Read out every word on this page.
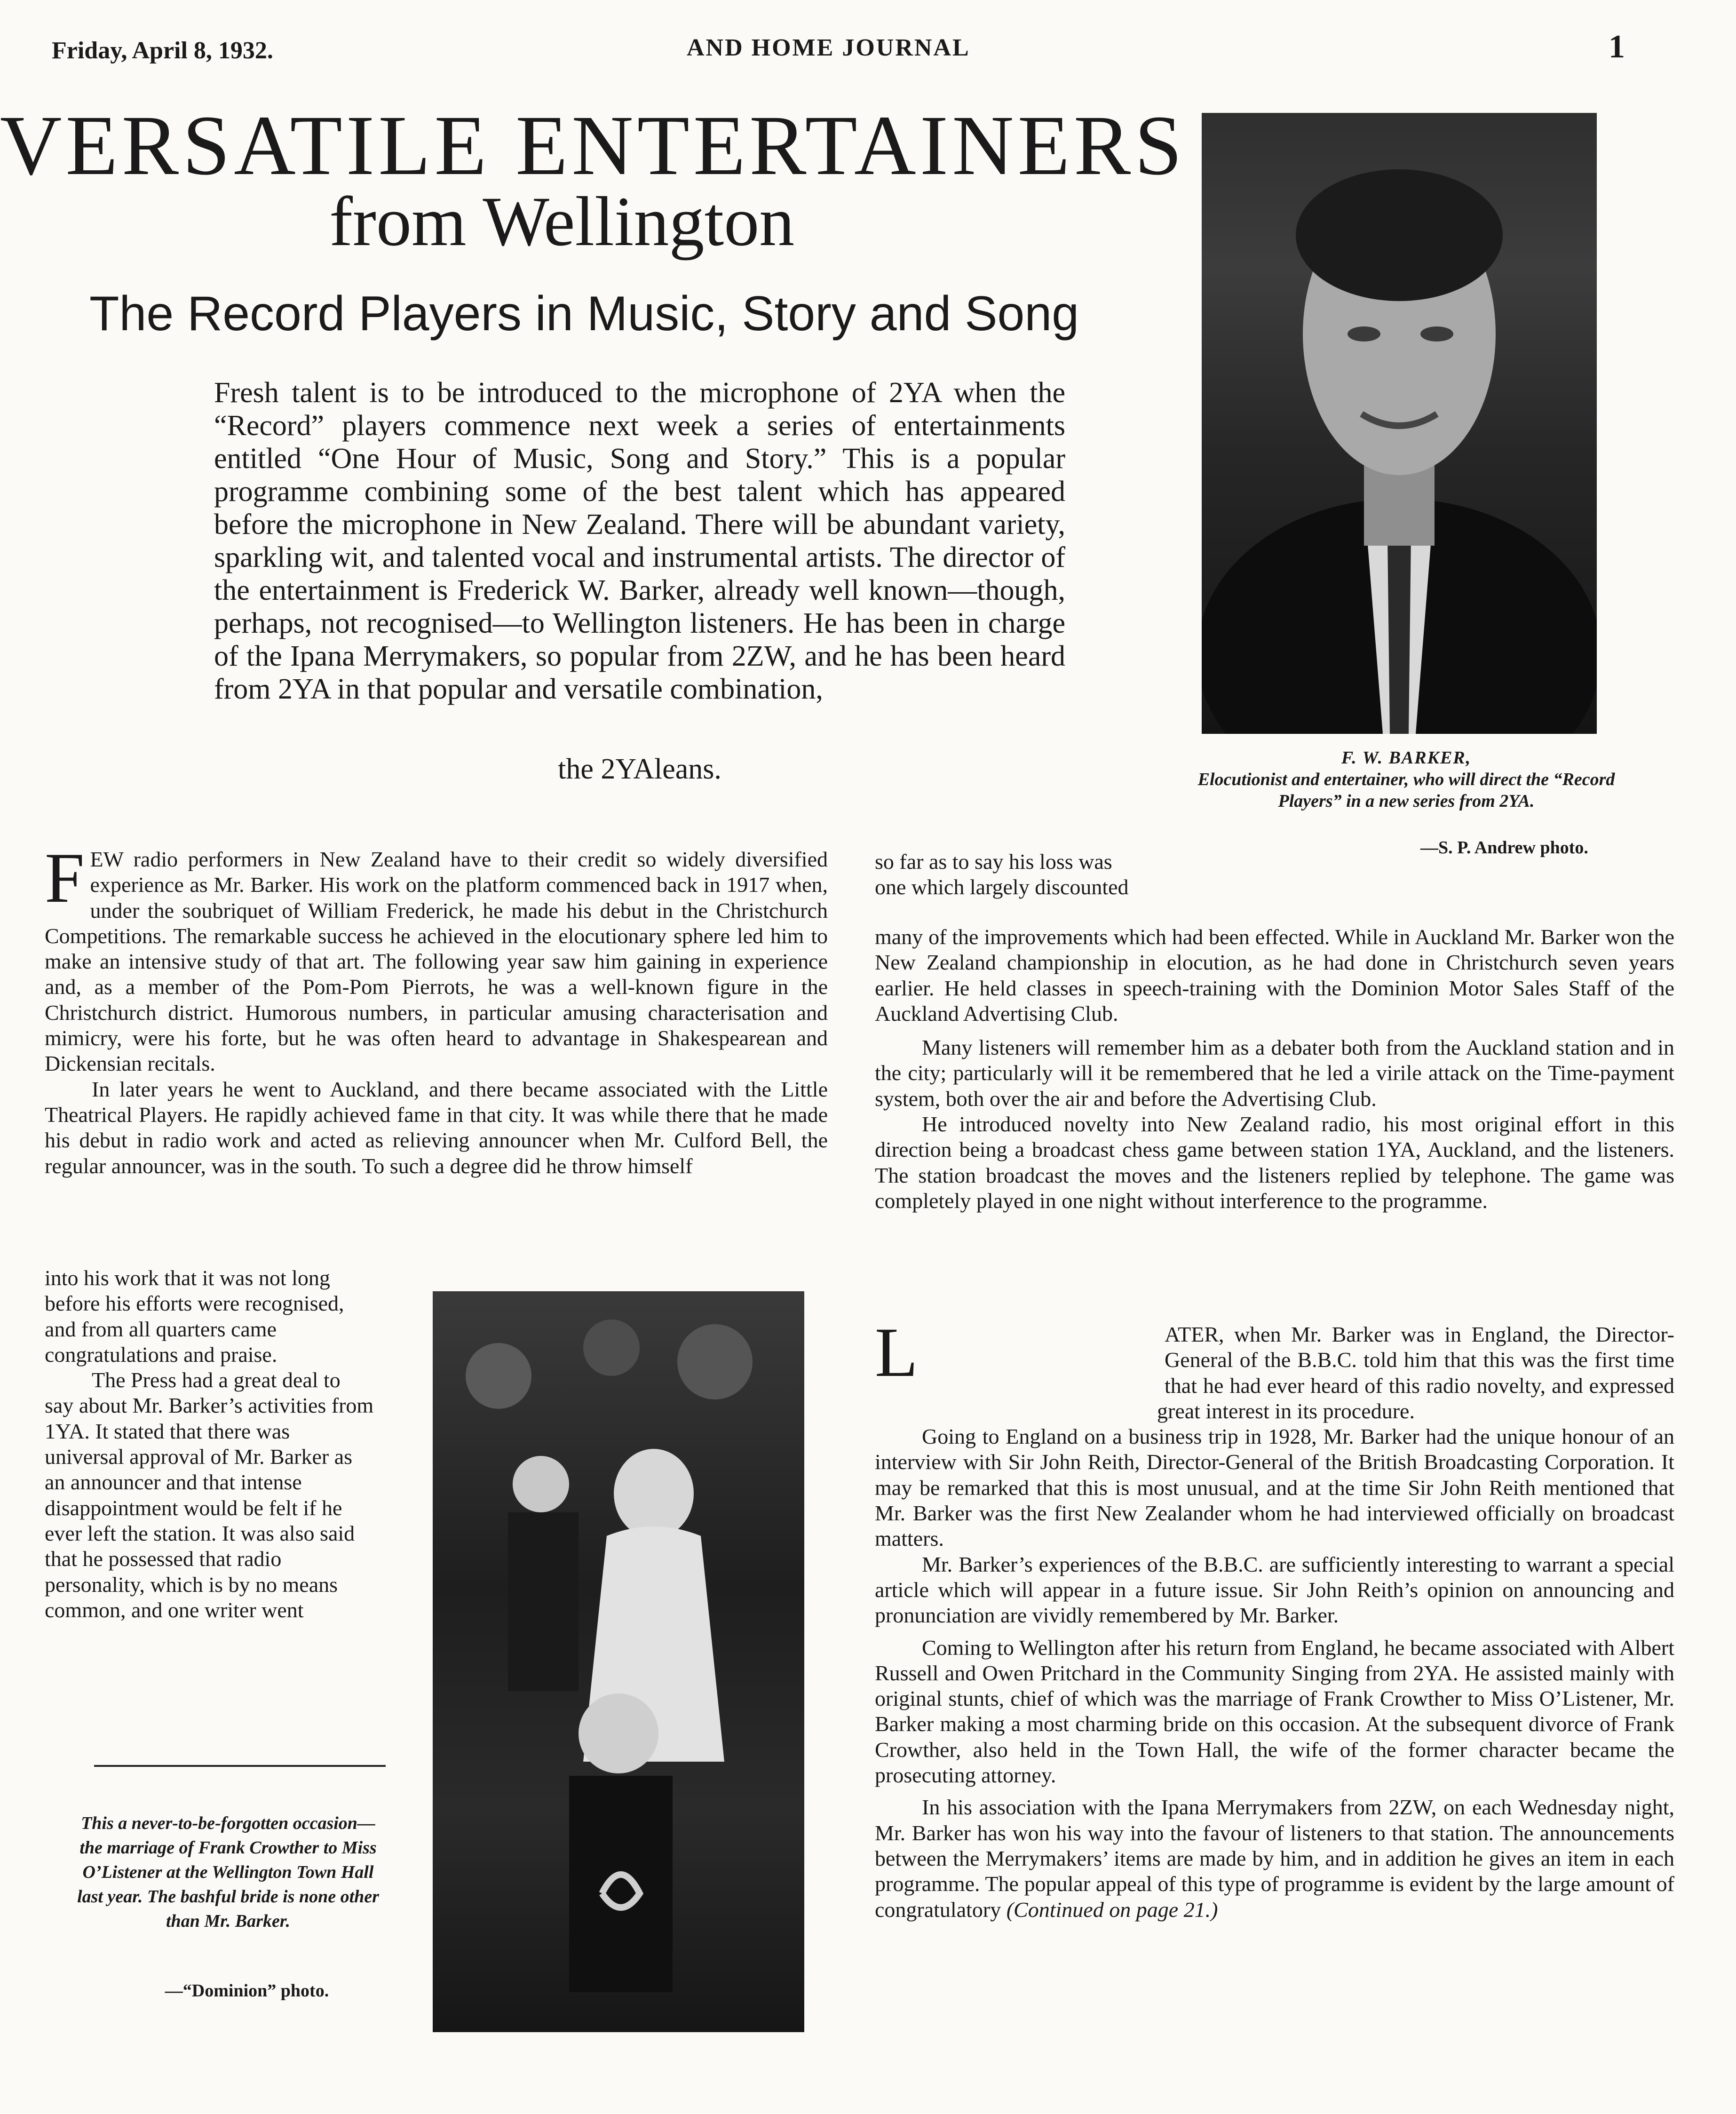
Friday, April 8, 1932.	AND HOME JOURNAL	1
VERSATILE ENTERTAINERS
from Wellington
The Record Players in Music, Story and Song
Fresh talent is to be introduced to the microphone of 2YA when the “Record” players commence next week a series of entertainments entitled “One Hour of Music, Song and Story.” This is a popular programme combining some of the best talent which has appeared before the microphone in New Zealand. There will be abundant variety, sparkling wit, and talented vocal and instrumental artists. The director of the entertainment is Frederick W. Barker, already well known—though, perhaps, not recognised—to Wellington listeners. He has been in charge of the Ipana Merrymakers, so popular from 2ZW, and he has been heard from 2YA in that popular and versatile combination,
the 2YAleans.	F. W. BARKER,
Elocutionist and entertainer, who will direct the “Record Players” in a new series from 2YA.
—S. P. Andrew photo.

FEW radio performers in New Zealand have to their credit so widely diversified experience as Mr. Barker. His work on the platform commenced back in 1917 when, under the soubriquet of William Frederick, he made his debut in the Christchurch Competitions. The remarkable success he achieved in the elocutionary sphere led him to make an intensive study of that art. The following year saw him gaining in experience and, as a member of the Pom-Pom Pierrots, he was a well-known figure in the Christchurch district. Humorous numbers, in particular amusing characterisation and mimicry, were his forte, but he was often heard to advantage in Shakespearean and Dickensian recitals.

In later years he went to Auckland, and there became associated with the Little Theatrical Players. He rapidly achieved fame in that city. It was while there that he made his debut in radio work and acted as relieving announcer when Mr. Culford Bell, the regular announcer, was in the south. To such a degree did he throw himself

into his work that it was not long before his efforts were recognised, and from all quarters came congratulations and praise.

The Press had a great deal to say about Mr. Barker’s activities from 1YA. It stated that there was universal approval of Mr. Barker as an announcer and that intense disappointment would be felt if he ever left the station. It was also said that he possessed that radio personality, which is by no means common, and one writer went

This a never-to-be-forgotten occasion—the marriage of Frank Crowther to Miss O’Listener at the Wellington Town Hall last year. The bashful bride is none other than Mr. Barker.
—“Dominion” photo.
so far as to say his loss was one which largely discounted

many of the improvements which had been effected. While in Auckland Mr. Barker won the New Zealand championship in elocution, as he had done in Christchurch seven years earlier. He held classes in speech-training with the Dominion Motor Sales Staff of the Auckland Advertising Club.

Many listeners will remember him as a debater both from the Auckland station and in the city; particularly will it be remembered that he led a virile attack on the Time-payment system, both over the air and before the Advertising Club.

He introduced novelty into New Zealand radio, his most original effort in this direction being a broadcast chess game between station 1YA, Auckland, and the listeners. The station broadcast the moves and the listeners replied by telephone. The game was completely played in one night without interference to the programme.

L	ATER, when Mr. Barker was in England, the Director-General of the B.B.C. told him that this was the first time that he had ever heard of this radio novelty, and expressed great interest in its procedure.

Going to England on a business trip in 1928, Mr. Barker had the unique honour of an interview with Sir John Reith, Director-General of the British Broadcasting Corporation. It may be remarked that this is most unusual, and at the time Sir John Reith mentioned that Mr. Barker was the first New Zealander whom he had interviewed officially on broadcast matters.

Mr. Barker’s experiences of the B.B.C. are sufficiently interesting to warrant a special article which will appear in a future issue. Sir John Reith’s opinion on announcing and pronunciation are vividly remembered by Mr. Barker.

Coming to Wellington after his return from England, he became associated with Albert Russell and Owen Pritchard in the Community Singing from 2YA. He assisted mainly with original stunts, chief of which was the marriage of Frank Crowther to Miss O’Listener, Mr. Barker making a most charming bride on this occasion. At the subsequent divorce of Frank Crowther, also held in the Town Hall, the wife of the former character became the prosecuting attorney.

In his association with the Ipana Merrymakers from 2ZW, on each Wednesday night, Mr. Barker has won his way into the favour of listeners to that station. The announcements between the Merrymakers’ items are made by him, and in addition he gives an item in each programme. The popular appeal of this type of programme is evident by the large amount of congratulatory (Continued on page 21.)
